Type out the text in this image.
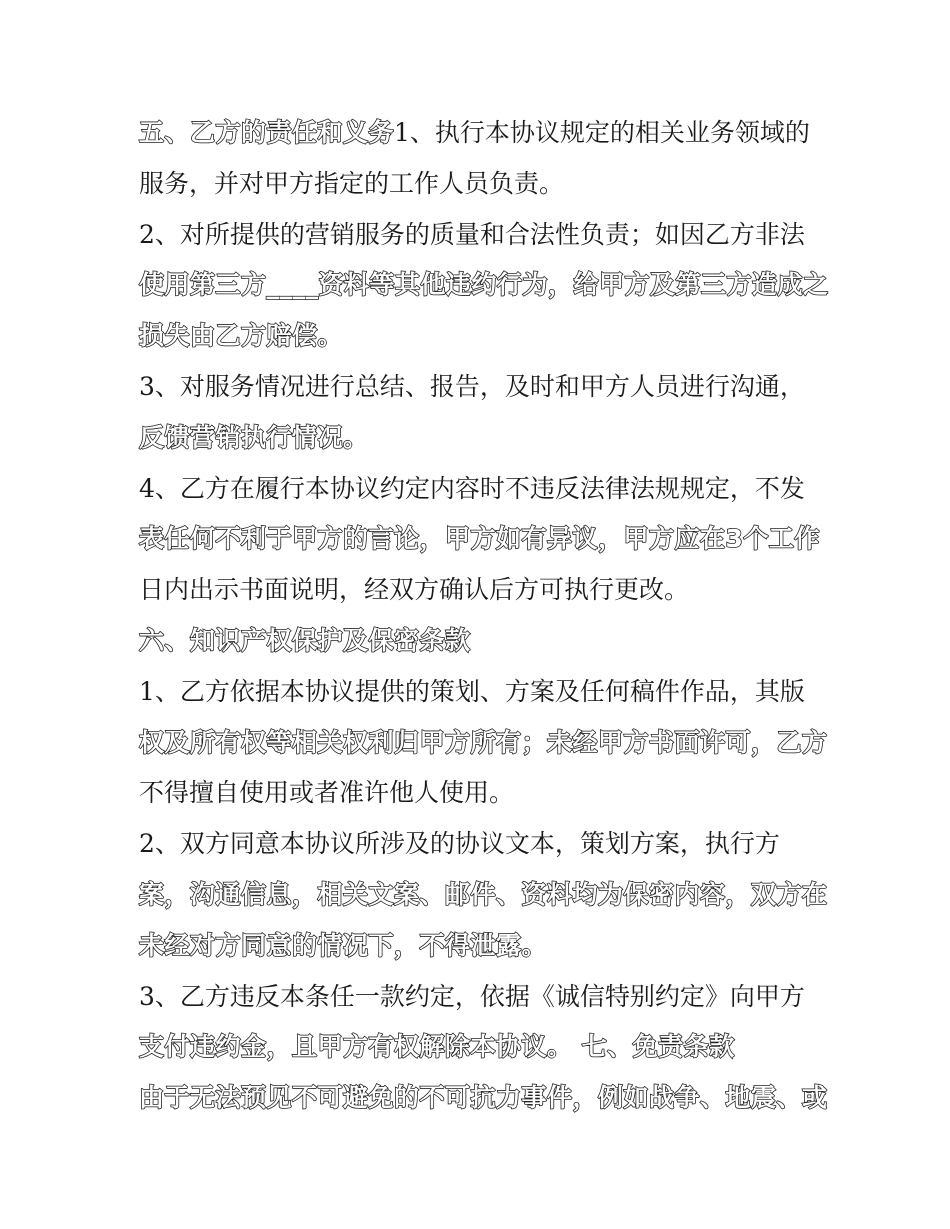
五、乙方的责任和义务1、执行本协议规定的相关业务领域的
服务，并对甲方指定的工作人员负责。
2、对所提供的营销服务的质量和合法性负责；如因乙方非法
使用第三方____资料等其他违约行为，给甲方及第三方造成之
损失由乙方赔偿。
3、对服务情况进行总结、报告，及时和甲方人员进行沟通，
反馈营销执行情况。
4、乙方在履行本协议约定内容时不违反法律法规规定，不发
表任何不利于甲方的言论，甲方如有异议，甲方应在3个工作
日内出示书面说明，经双方确认后方可执行更改。
六、知识产权保护及保密条款
1、乙方依据本协议提供的策划、方案及任何稿件作品，其版
权及所有权等相关权利归甲方所有；未经甲方书面许可，乙方
不得擅自使用或者准许他人使用。
2、双方同意本协议所涉及的协议文本，策划方案，执行方
案，沟通信息，相关文案、邮件、资料均为保密内容，双方在
未经对方同意的情况下，不得泄露。
3、乙方违反本条任一款约定，依据《诚信特别约定》向甲方
支付违约金，且甲方有权解除本协议。 七、免责条款
由于无法预见不可避免的不可抗力事件，例如战争、地震、或
